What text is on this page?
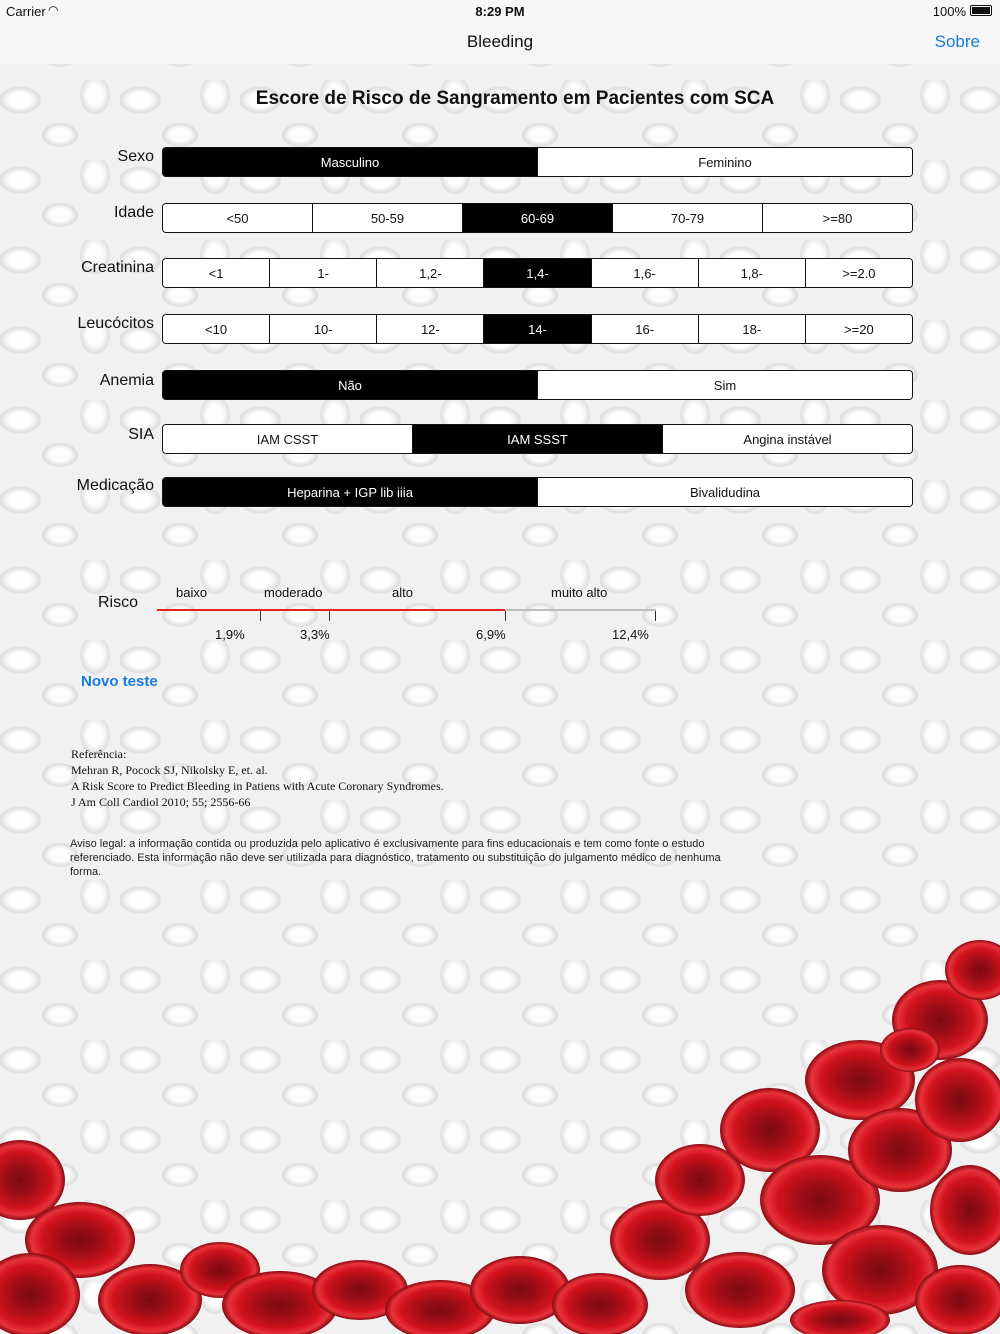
Carrier ◠	8:29 PM	100%
Bleeding	Sobre
Escore de Risco de Sangramento em Pacientes com SCA
Sexo	Masculino	Feminino
Idade	<50	50-59	60-69	70-79	>=80
Creatinina	<1	1-	1,2-	1,4-	1,6-	1,8-	>=2.0
Leucócitos	<10	10-	12-	14-	16-	18-	>=20
Anemia	Não	Sim
SIA	IAM CSST	IAM SSST	Angina instável
Medicação	Heparina + IGP lib iiia	Bivalidudina
Risco
baixo	moderado	alto	muito alto
1,9%	3,3%	6,9%	12,4%
Novo teste
Referência:
Mehran R, Pocock SJ, Nikolsky E, et. al.
A Risk Score to Predict Bleeding in Patiens with Acute Coronary Syndromes.
J Am Coll Cardiol 2010; 55; 2556-66
Aviso legal: a informação contida ou produzida pelo aplicativo é exclusivamente para fins educacionais e tem como fonte o estudo referenciado. Esta informação não deve ser utilizada para diagnóstico, tratamento ou substituição do julgamento médico de nenhuma forma.
